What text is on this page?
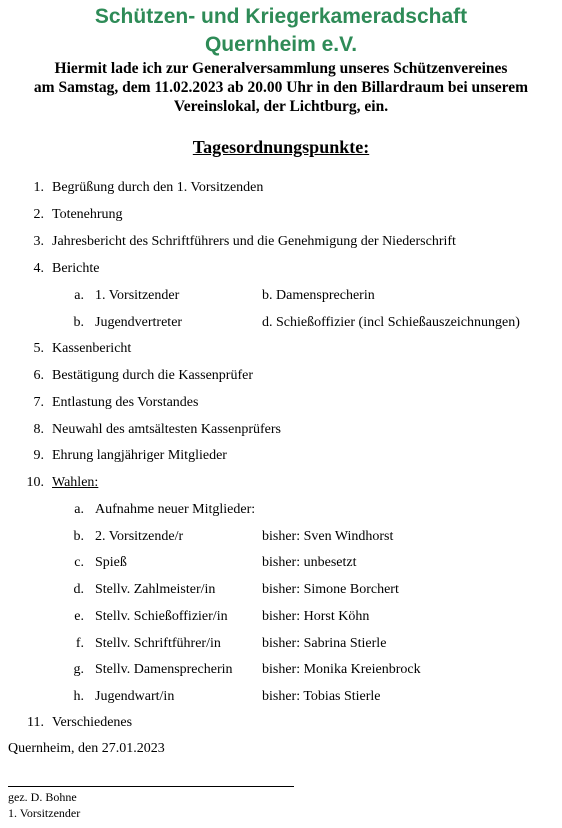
Schützen- und Kriegerkameradschaft
Quernheim e.V.
Hiermit lade ich zur Generalversammlung unseres Schützenvereines
am Samstag, dem 11.02.2023 ab 20.00 Uhr in den Billardraum bei unserem
Vereinslokal, der Lichtburg, ein.
Tagesordnungspunkte:
1. Begrüßung durch den 1. Vorsitzenden
2. Totenehrung
3. Jahresbericht des Schriftführers und die Genehmigung der Niederschrift
4. Berichte
a. 1. Vorsitzender	b. Damensprecherin
b. Jugendvertreter	d. Schießoffizier (incl Schießauszeichnungen)
5. Kassenbericht
6. Bestätigung durch die Kassenprüfer
7. Entlastung des Vorstandes
8. Neuwahl des amtsältesten Kassenprüfers
9. Ehrung langjähriger Mitglieder
10. Wahlen:
a. Aufnahme neuer Mitglieder:
b. 2. Vorsitzende/r	bisher: Sven Windhorst
c. Spieß	bisher: unbesetzt
d. Stellv. Zahlmeister/in	bisher: Simone Borchert
e. Stellv. Schießoffizier/in bisher: Horst Köhn
f. Stellv. Schriftführer/in	bisher: Sabrina Stierle
g. Stellv. Damensprecherin bisher: Monika Kreienbrock
h. Jugendwart/in	bisher: Tobias Stierle
11. Verschiedenes
Quernheim, den 27.01.2023
gez. D. Bohne
1. Vorsitzender
